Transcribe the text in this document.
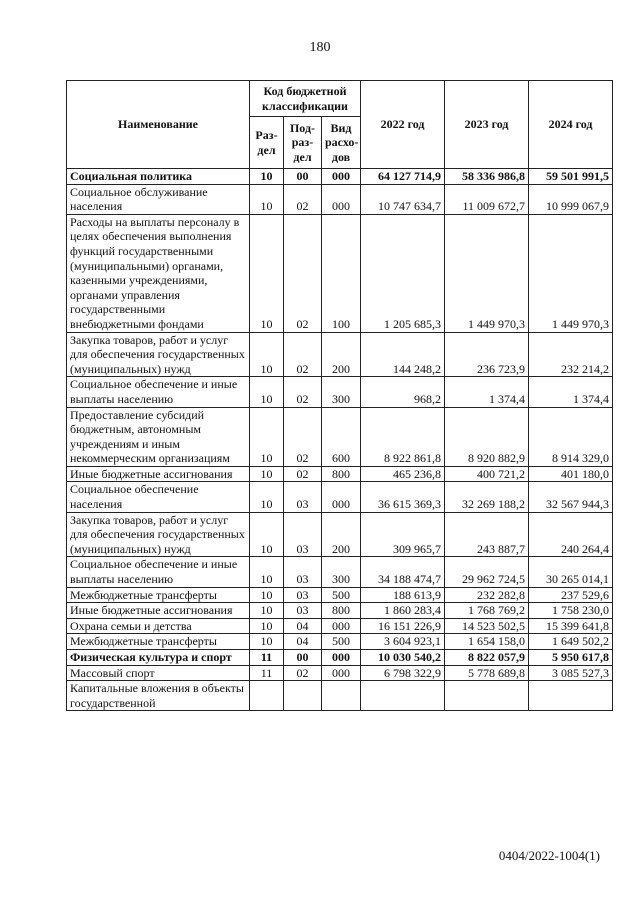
180
Наименование	Код бюджетной классификации			2022 год	2023 год	2024 год
	Раз-дел	Под-раз-дел	Вид расхо-дов			
Социальная политика	10	00	000	64 127 714,9	58 336 986,8	59 501 991,5
Социальное обслуживание населения	10	02	000	10 747 634,7	11 009 672,7	10 999 067,9
Расходы на выплаты персоналу в целях обеспечения выполнения функций государственными (муниципальными) органами, казенными учреждениями, органами управления государственными внебюджетными фондами	10	02	100	1 205 685,3	1 449 970,3	1 449 970,3
Закупка товаров, работ и услуг для обеспечения государственных (муниципальных) нужд	10	02	200	144 248,2	236 723,9	232 214,2
Социальное обеспечение и иные выплаты населению	10	02	300	968,2	1 374,4	1 374,4
Предоставление субсидий бюджетным, автономным учреждениям и иным некоммерческим организациям	10	02	600	8 922 861,8	8 920 882,9	8 914 329,0
Иные бюджетные ассигнования	10	02	800	465 236,8	400 721,2	401 180,0
Социальное обеспечение населения	10	03	000	36 615 369,3	32 269 188,2	32 567 944,3
Закупка товаров, работ и услуг для обеспечения государственных (муниципальных) нужд	10	03	200	309 965,7	243 887,7	240 264,4
Социальное обеспечение и иные выплаты населению	10	03	300	34 188 474,7	29 962 724,5	30 265 014,1
Межбюджетные трансферты	10	03	500	188 613,9	232 282,8	237 529,6
Иные бюджетные ассигнования	10	03	800	1 860 283,4	1 768 769,2	1 758 230,0
Охрана семьи и детства	10	04	000	16 151 226,9	14 523 502,5	15 399 641,8
Межбюджетные трансферты	10	04	500	3 604 923,1	1 654 158,0	1 649 502,2
Физическая культура и спорт	11	00	000	10 030 540,2	8 822 057,9	5 950 617,8
Массовый спорт	11	02	000	6 798 322,9	5 778 689,8	3 085 527,3
Капитальные вложения в объекты государственной						
0404/2022-1004(1)
